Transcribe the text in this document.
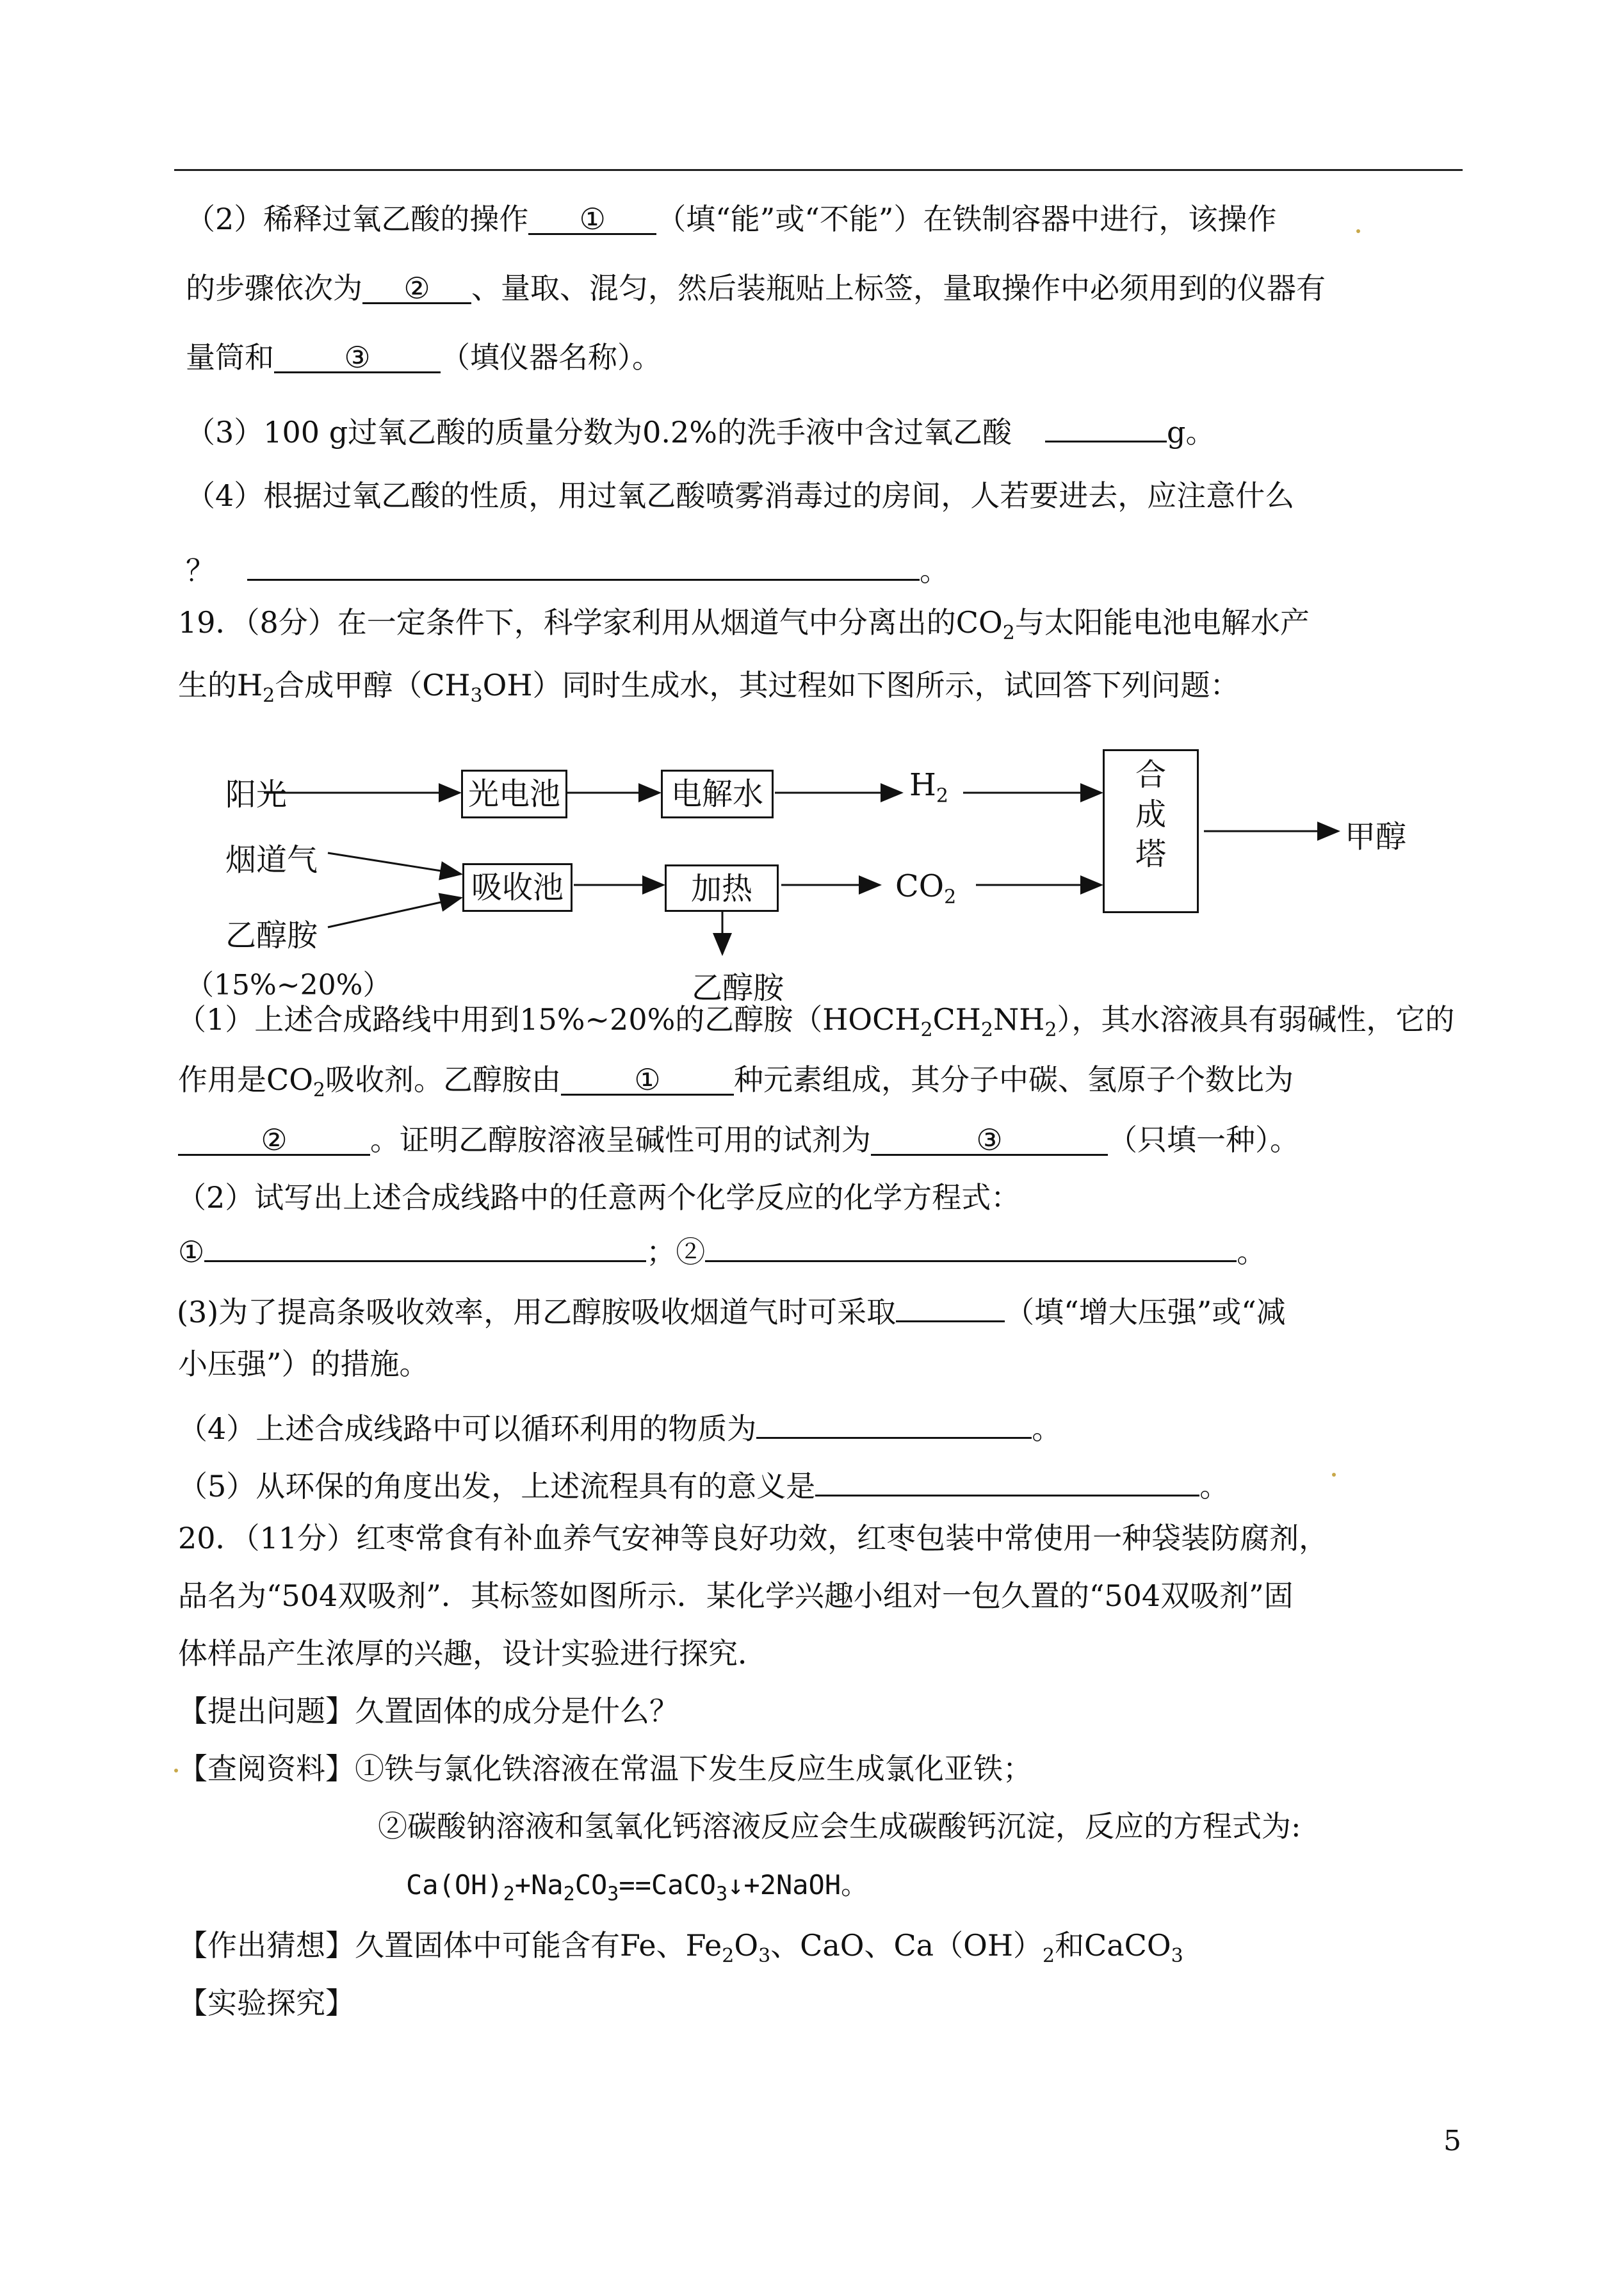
（2）稀释过氧乙酸的操作 ① （填“能”或“不能”）在铁制容器中进行，该操作
的步骤依次为 ② 、量取、混匀，然后装瓶贴上标签，量取操作中必须用到的仪器有
量筒和 ③ （填仪器名称）。
（3）100 g过氧乙酸的质量分数为0.2%的洗手液中含过氧乙酸	g。
（4）根据过氧乙酸的性质，用过氧乙酸喷雾消毒过的房间，人若要进去，应注意什么
？	。
19．（8分）在一定条件下，科学家利用从烟道气中分离出的$CO_2$与太阳能电池电解水产
生的$H_2$合成甲醇$(CH_3OH)$同时生成水，其过程如下图所示，试回答下列问题：
阳光	光电池	电解水	$H_2$
烟道气
吸收池	加热	$CO_2$
乙醇胺
（15%~20%）	乙醇胺
合
成
塔	甲醇
（1）上述合成路线中用到15%~20%的乙醇胺$(HOCH_2CH_2NH_2)$，其水溶液具有弱碱性，它的
作用是$CO_2$吸收剂。乙醇胺由 ① 种元素组成，其分子中碳、氢原子个数比为
②	。证明乙醇胺溶液呈碱性可用的试剂为	③	（只填一种）。
（2）试写出上述合成线路中的任意两个化学反应的化学方程式：
①	；②	。
(3)为了提高条吸收效率，用乙醇胺吸收烟道气时可采取	（填“增大压强”或“减
小压强”）的措施。
（4）上述合成线路中可以循环利用的物质为	。
（5）从环保的角度出发，上述流程具有的意义是	。
20．（11分）红枣常食有补血养气安神等良好功效，红枣包装中常使用一种袋装防腐剂，
品名为“504双吸剂”．其标签如图所示．某化学兴趣小组对一包久置的“504双吸剂”固
体样品产生浓厚的兴趣，设计实验进行探究．
【提出问题】久置固体的成分是什么？
【查阅资料】①铁与氯化铁溶液在常温下发生反应生成氯化亚铁；
②碳酸钠溶液和氢氧化钙溶液反应会生成碳酸钙沉淀，反应的方程式为:
$Ca(OH)_2+Na_2CO_3==CaCO_3↓+2NaOH$。
【作出猜想】久置固体中可能含有Fe、$Fe_2O_3$、CaO、$Ca(OH)_2$和CaCO$_3$
【实验探究】
5
